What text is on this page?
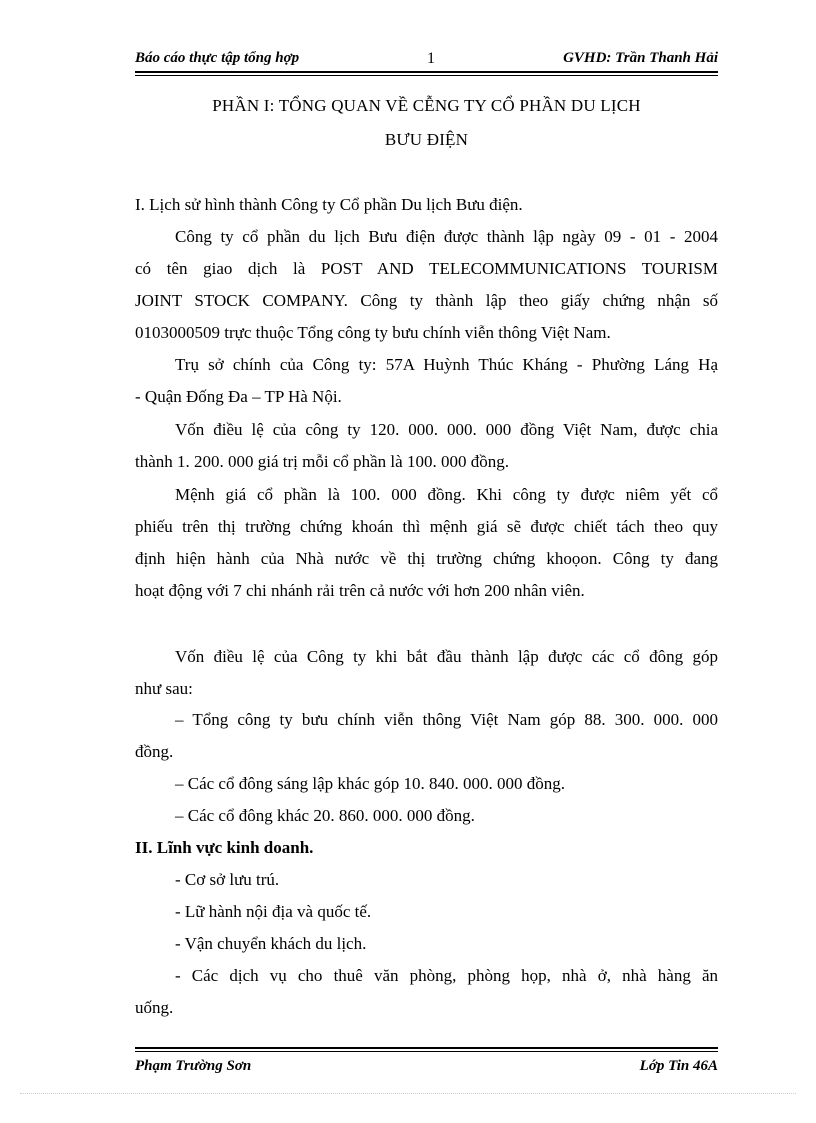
Báo cáo thực tập tổng hợp	1	GVHD: Trần Thanh Hải
PHẦN I: TỔNG QUAN VỀ CỄNG TY CỔ PHẦN DU LỊCH
BƯU ĐIỆN
I. Lịch sử hình thành Công ty Cổ phần Du lịch Bưu điện.
Công ty cổ phần du lịch Bưu điện được thành lập ngày 09 - 01 - 2004
có tên giao dịch là POST AND TELECOMMUNICATIONS TOURISM
JOINT STOCK COMPANY. Công ty thành lập theo giấy chứng nhận số
0103000509 trực thuộc Tổng công ty bưu chính viễn thông Việt Nam.
Trụ sở chính của Công ty: 57A Huỳnh Thúc Kháng - Phường Láng Hạ
- Quận Đống Đa – TP Hà Nội.
Vốn điều lệ của công ty 120. 000. 000. 000 đồng Việt Nam, được chia
thành 1. 200. 000 giá trị mỗi cổ phần là 100. 000 đồng.
Mệnh giá cổ phần là 100. 000 đồng. Khi công ty được niêm yết cổ
phiếu trên thị trường chứng khoán thì mệnh giá sẽ được chiết tách theo quy
định hiện hành của Nhà nước về thị trường chứng khoọon. Công ty đang
hoạt động với 7 chi nhánh rải trên cả nước với hơn 200 nhân viên.
Vốn điều lệ của Công ty khi bắt đầu thành lập được các cổ đông góp
như sau:
– Tổng công ty bưu chính viễn thông Việt Nam góp 88. 300. 000. 000
đồng.
– Các cổ đông sáng lập khác góp 10. 840. 000. 000 đồng.
– Các cổ đông khác 20. 860. 000. 000 đồng.
II. Lĩnh vực kinh doanh.
- Cơ sở lưu trú.
- Lữ hành nội địa và quốc tế.
- Vận chuyển khách du lịch.
- Các dịch vụ cho thuê văn phòng, phòng họp, nhà ở, nhà hàng ăn
uống.
Phạm Trường Sơn	Lớp Tin 46A
